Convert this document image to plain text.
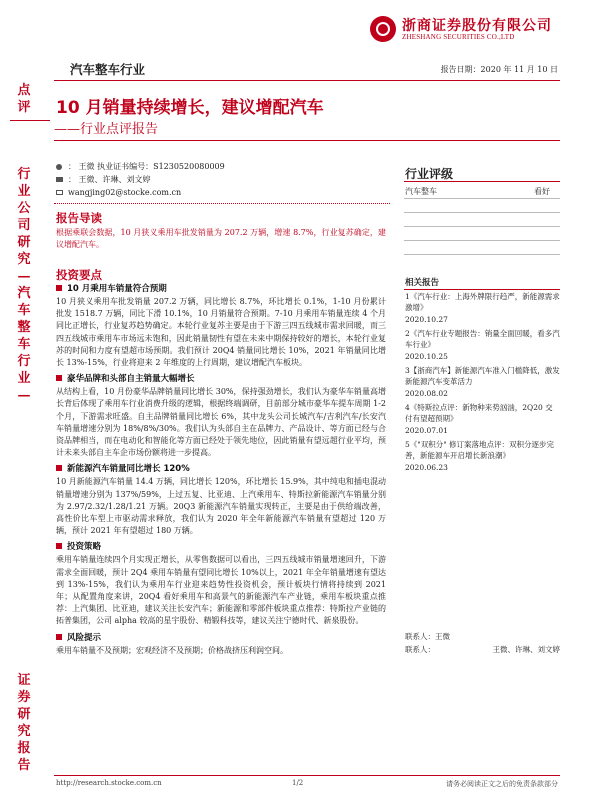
浙商证券股份有限公司
ZHESHANG SECURITIES CO.,LTD
汽车整车行业	报告日期：2020 年 11 月 10 日
点评
行业公司研究—汽车整车行业—
证券研究报告
10 月销量持续增长，建议增配汽车
——行业点评报告
： 王微 执业证书编号：S1230520080009
： 王微、许琳、刘文婷
wangjing02@stocke.com.cn
行业评级
汽车整车	看好
报告导读
根据乘联会数据，10 月狭义乘用车批发销量为 207.2 万辆，增速 8.7%，行业复苏确定，建议增配汽车。
投资要点
10 月乘用车销量符合预期
10 月狭义乘用车批发销量 207.2 万辆，同比增长 8.7%，环比增长 0.1%，1-10 月份累计批发 1518.7 万辆，同比下滑 10.1%，10 月销量符合预期。7-10 月乘用车销量连续 4 个月同比正增长，行业复苏趋势确定。本轮行业复苏主要是由于下游三四五线城市需求回暖，而三四五线城市乘用车市场远未饱和，因此销量韧性有望在未来中期保持较好的增长，本轮行业复苏的时间和力度有望超市场预期。我们预计 20Q4 销量同比增长 10%，2021 年销量同比增长 13%-15%，行业将迎来 2 年维度的上行周期，建议增配汽车板块。
豪华品牌和头部自主销量大幅增长
从结构上看，10 月份豪华品牌销量同比增长 30%，保持强劲增长，我们认为豪华车销量高增长背后体现了乘用车行业消费升级的逻辑，根据终端调研，目前部分城市豪华车提车周期 1-2 个月，下游需求旺盛。自主品牌销量同比增长 6%，其中龙头公司长城汽车/吉利汽车/长安汽车销量增速分别为 18%/8%/30%。我们认为头部自主在品牌力、产品设计、等方面已经与合资品牌相当，而在电动化和智能化等方面已经处于领先地位，因此销量有望远超行业平均，预计未来头部自主车企市场份额将进一步提高。
新能源汽车销量同比增长 120%
10 月新能源汽车销量 14.4 万辆，同比增长 120%，环比增长 15.9%，其中纯电和插电混动销量增速分别为 137%/59%，上过五复、比亚迪、上汽乘用车、特斯拉新能源汽车销量分别为 2.97/2.32/1.28/1.21 万辆。20Q3 新能源汽车销量实现转正，主要是由于供给端改善，高性价比车型上市驱动需求释放，我们认为 2020 年全年新能源汽车销量有望超过 120 万辆，预计 2021 年有望超过 180 万辆。
投资策略
乘用车销量连续四个月实现正增长，从零售数据可以看出，三四五线城市销量增速回升，下游需求全面回暖，预计 2Q4 乘用车销量有望同比增长 10%以上，2021 年全年销量增速有望达到 13%-15%，我们认为乘用车行业迎来趋势性投资机会，预计板块行情将持续到 2021 年；从配置角度来讲，20Q4 看好乘用车和高景气的新能源汽车产业链，乘用车板块重点推荐：上汽集团、比亚迪，建议关注长安汽车；新能源和零部件板块重点推荐：特斯拉产业链的拓普集团，公司 alpha 较高的星宇股份、精锻科技等，建议关注宁德时代、新泉股份。
风险提示
乘用车销量不及预期；宏观经济不及预期；价格战挤压利润空间。
相关报告
1《汽车行业：上海外牌限行趋严，新能源需求激增》
2020.10.27
2《汽车行业专题报告：销量全面回暖，看多汽车行业》
2020.10.25
3【浙商汽车】新能源汽车准入门槛降低，激发新能源汽车变革活力
2020.08.02
4《特斯拉点评：新物种来势汹汹，2Q20 交付有望超预期》
2020.07.01
5《"双积分" 修订案落地点评：双积分逐步完善，新能源车开启增长新浪潮》
2020.06.23
联系人：王微
联系人：	王微、许琳、刘文婷
http://research.stocke.com.cn	1/2	请务必阅读正文之后的免责条款部分
